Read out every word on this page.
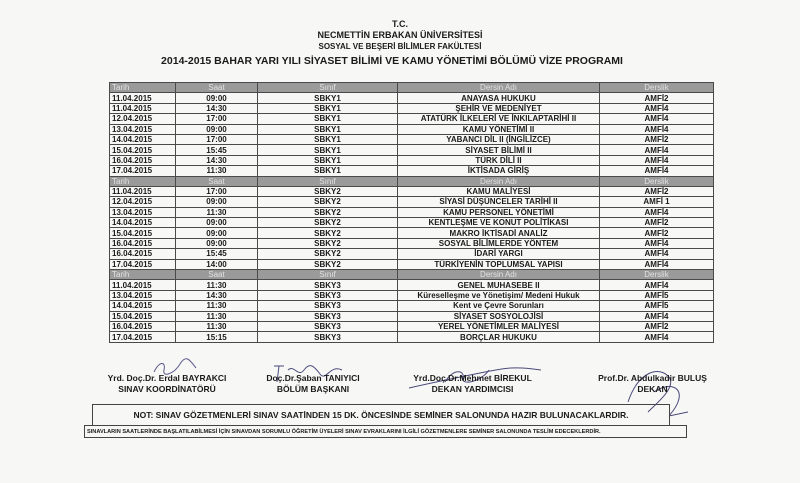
T.C.
NECMETTİN ERBAKAN ÜNİVERSİTESİ
SOSYAL VE BEŞERİ BİLİMLER FAKÜLTESİ
2014-2015 BAHAR YARI YILI SİYASET BİLİMİ VE KAMU YÖNETİMİ BÖLÜMÜ VİZE PROGRAMI
Tarih	Saat	Sınıf	Dersin Adı	Derslik
11.04.2015	09:00	SBKY1	ANAYASA HUKUKU	AMFİ2
11.04.2015	14:30	SBKY1	ŞEHİR VE MEDENİYET	AMFİ4
12.04.2015	17:00	SBKY1	ATATÜRK İLKELERİ VE İNKILAPTARİHİ II	AMFİ4
13.04.2015	09:00	SBKY1	KAMU YÖNETİMİ II	AMFİ4
14.04.2015	17:00	SBKY1	YABANCI DİL II (İNGİLİZCE)	AMFİ2
15.04.2015	15:45	SBKY1	SİYASET BİLİMİ II	AMFİ4
16.04.2015	14:30	SBKY1	TÜRK DİLİ II	AMFİ4
17.04.2015	11:30	SBKY1	İKTİSADA GİRİŞ	AMFİ4
Tarih	Saat	Sınıf	Dersin Adı	Derslik
11.04.2015	17:00	SBKY2	KAMU MALİYESİ	AMFİ2
12.04.2015	09:00	SBKY2	SİYASİ DÜŞÜNCELER TARİHİ II	AMFİ 1
13.04.2015	11:30	SBKY2	KAMU PERSONEL YÖNETİMİ	AMFİ4
14.04.2015	09:00	SBKY2	KENTLEŞME VE KONUT POLİTİKASI	AMFİ2
15.04.2015	09:00	SBKY2	MAKRO İKTİSADİ ANALİZ	AMFİ2
16.04.2015	09:00	SBKY2	SOSYAL BİLİMLERDE YÖNTEM	AMFİ4
16.04.2015	15:45	SBKY2	İDARİ YARGI	AMFİ4
17.04.2015	14:00	SBKY2	TÜRKİYENİN TOPLUMSAL YAPISI	AMFİ4
Tarih	Saat	Sınıf	Dersin Adı	Derslik
11.04.2015	11:30	SBKY3	GENEL MUHASEBE II	AMFİ4
13.04.2015	14:30	SBKY3	Küreselleşme ve Yönetişim/ Medeni Hukuk	AMFİ5
14.04.2015	11:30	SBKY3	Kent ve Çevre Sorunları	AMFİ5
15.04.2015	11:30	SBKY3	SİYASET SOSYOLOJİSİ	AMFİ4
16.04.2015	11:30	SBKY3	YEREL YÖNETİMLER MALİYESİ	AMFİ2
17.04.2015	15:15	SBKY3	BORÇLAR HUKUKU	AMFİ4
Yrd. Doç.Dr. Erdal BAYRAKCI
SINAV KOORDİNATÖRÜ
Doç.Dr.Şaban TANIYICI
BÖLÜM BAŞKANI
Yrd.Doç.Dr.Mehmet BİREKUL
DEKAN YARDIMCISI
Prof.Dr. Abdulkadir BULUŞ
DEKAN
NOT: SINAV GÖZETMENLERİ SINAV SAATİNDEN 15 DK. ÖNCESİNDE SEMİNER SALONUNDA HAZIR BULUNACAKLARDIR.
SINAVLARIN SAATLERİNDE BAŞLATILABİLMESİ İÇİN SINAVDAN SORUMLU ÖĞRETİM ÜYELERİ SINAV EVRAKLARINI İLGİLİ GÖZETMENLERE SEMİNER SALONUNDA TESLİM EDECEKLERDİR.
